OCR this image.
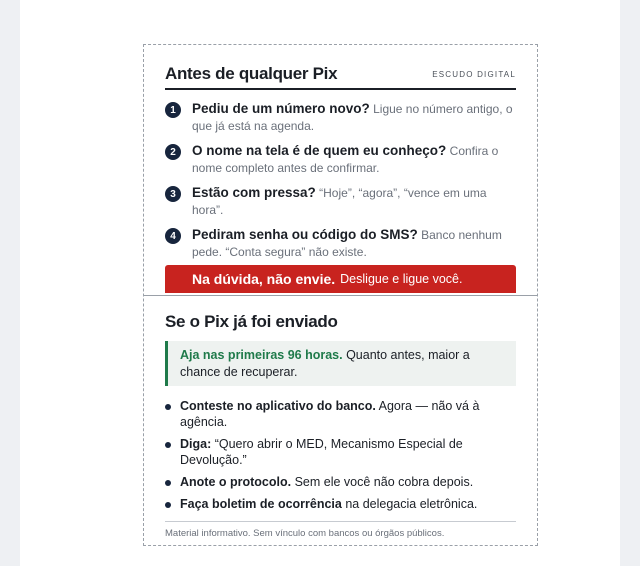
Antes de qualquer Pix	ESCUDO DIGITAL
1	Pediu de um número novo? Ligue no número antigo, o que já está na agenda.
2	O nome na tela é de quem eu conheço? Confira o nome completo antes de confirmar.
3	Estão com pressa? “Hoje”, “agora”, “vence em uma hora”.
4	Pediram senha ou código do SMS? Banco nenhum pede. “Conta segura” não existe.
Na dúvida, não envie. Desligue e ligue você.
Se o Pix já foi enviado
Aja nas primeiras 96 horas. Quanto antes, maior a chance de recuperar.
Conteste no aplicativo do banco. Agora — não vá à agência.
Diga: “Quero abrir o MED, Mecanismo Especial de Devolução.”
Anote o protocolo. Sem ele você não cobra depois.
Faça boletim de ocorrência na delegacia eletrônica.
Material informativo. Sem vínculo com bancos ou órgãos públicos.
